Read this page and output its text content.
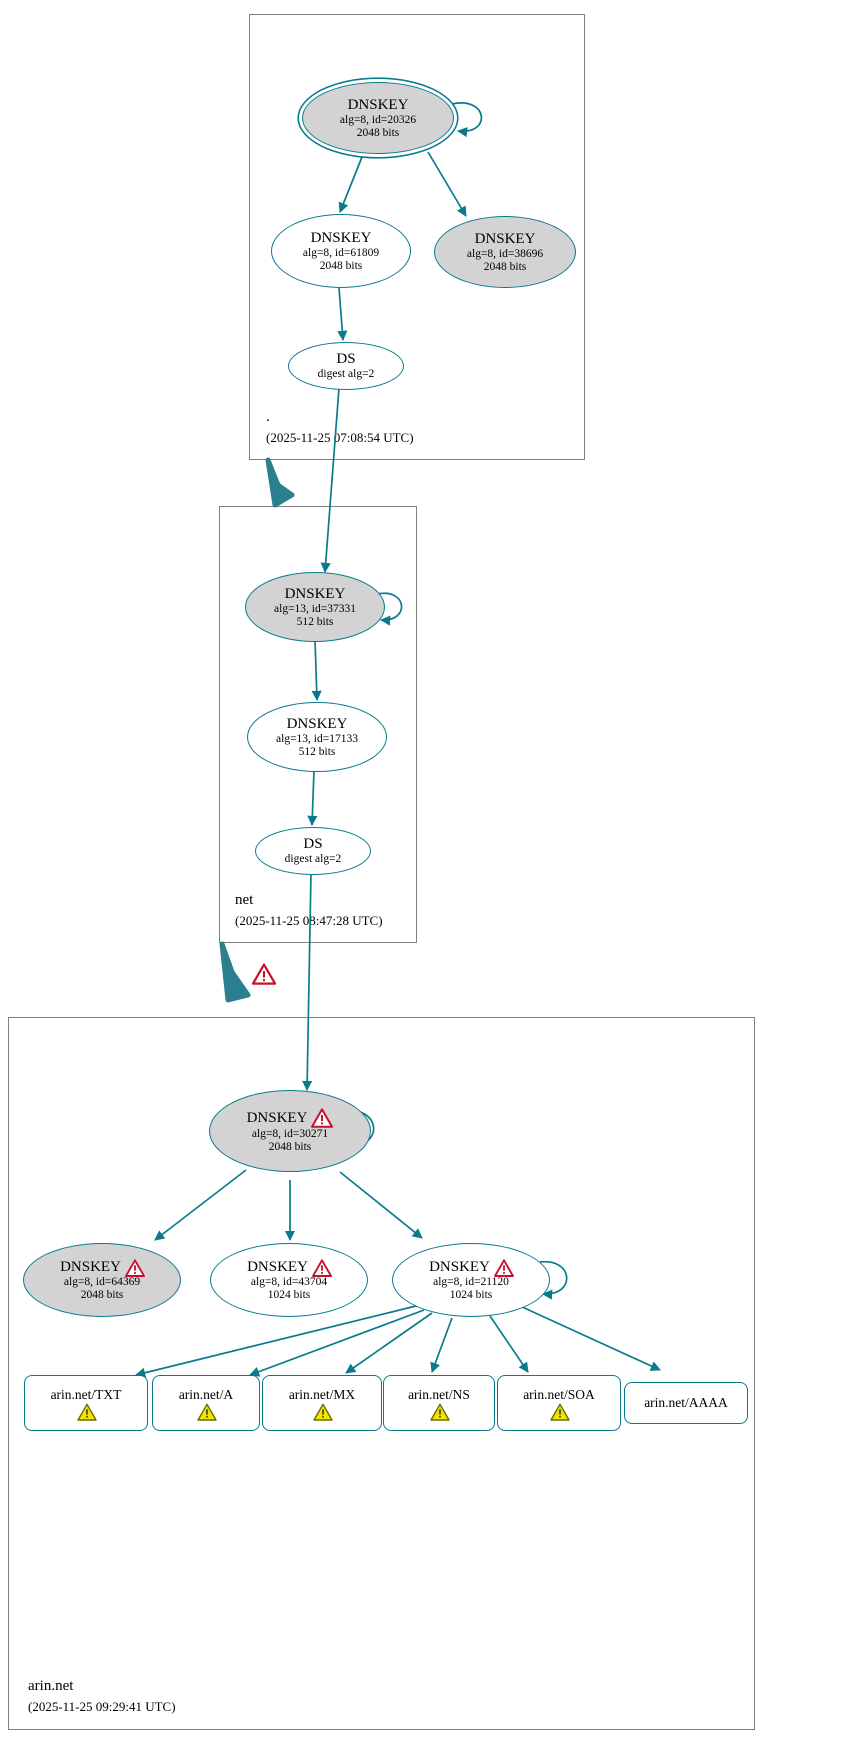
.
(2025-11-25 07:08:54 UTC)
net
(2025-11-25 08:47:28 UTC)
arin.net
(2025-11-25 09:29:41 UTC)
DNSKEY
alg=8, id=20326
2048 bits
DNSKEY
alg=8, id=61809
2048 bits
DNSKEY
alg=8, id=38696
2048 bits
DS
digest alg=2
DNSKEY
alg=13, id=37331
512 bits
DNSKEY
alg=13, id=17133
512 bits
DS
digest alg=2
DNSKEY
alg=8, id=30271
2048 bits
DNSKEY
alg=8, id=64369
2048 bits
DNSKEY
alg=8, id=43704
1024 bits
DNSKEY
alg=8, id=21120
1024 bits
arin.net/TXT	arin.net/A	arin.net/MX	arin.net/NS	arin.net/SOA
arin.net/AAAA
